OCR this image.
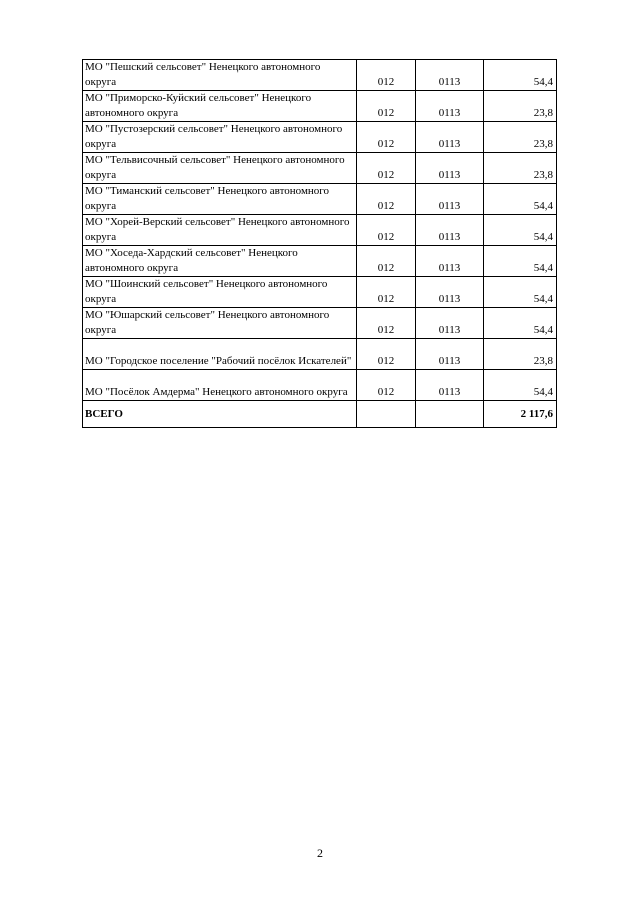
МО "Пешский сельсовет" Ненецкого автономного округа	012	0113	54,4
МО "Приморско-Куйский сельсовет" Ненецкого автономного округа	012	0113	23,8
МО "Пустозерский сельсовет" Ненецкого автономного округа	012	0113	23,8
МО "Тельвисочный сельсовет" Ненецкого автономного округа	012	0113	23,8
МО "Тиманский сельсовет" Ненецкого автономного округа	012	0113	54,4
МО "Хорей-Верский сельсовет" Ненецкого автономного округа	012	0113	54,4
МО "Хоседа-Хардский сельсовет" Ненецкого автономного округа	012	0113	54,4
МО "Шоинский сельсовет" Ненецкого автономного округа	012	0113	54,4
МО "Юшарский сельсовет" Ненецкого автономного округа	012	0113	54,4
МО "Городское поселение "Рабочий посёлок Искателей"	012	0113	23,8
МО "Посёлок Амдерма" Ненецкого автономного округа	012	0113	54,4
ВСЕГО			2 117,6
2
